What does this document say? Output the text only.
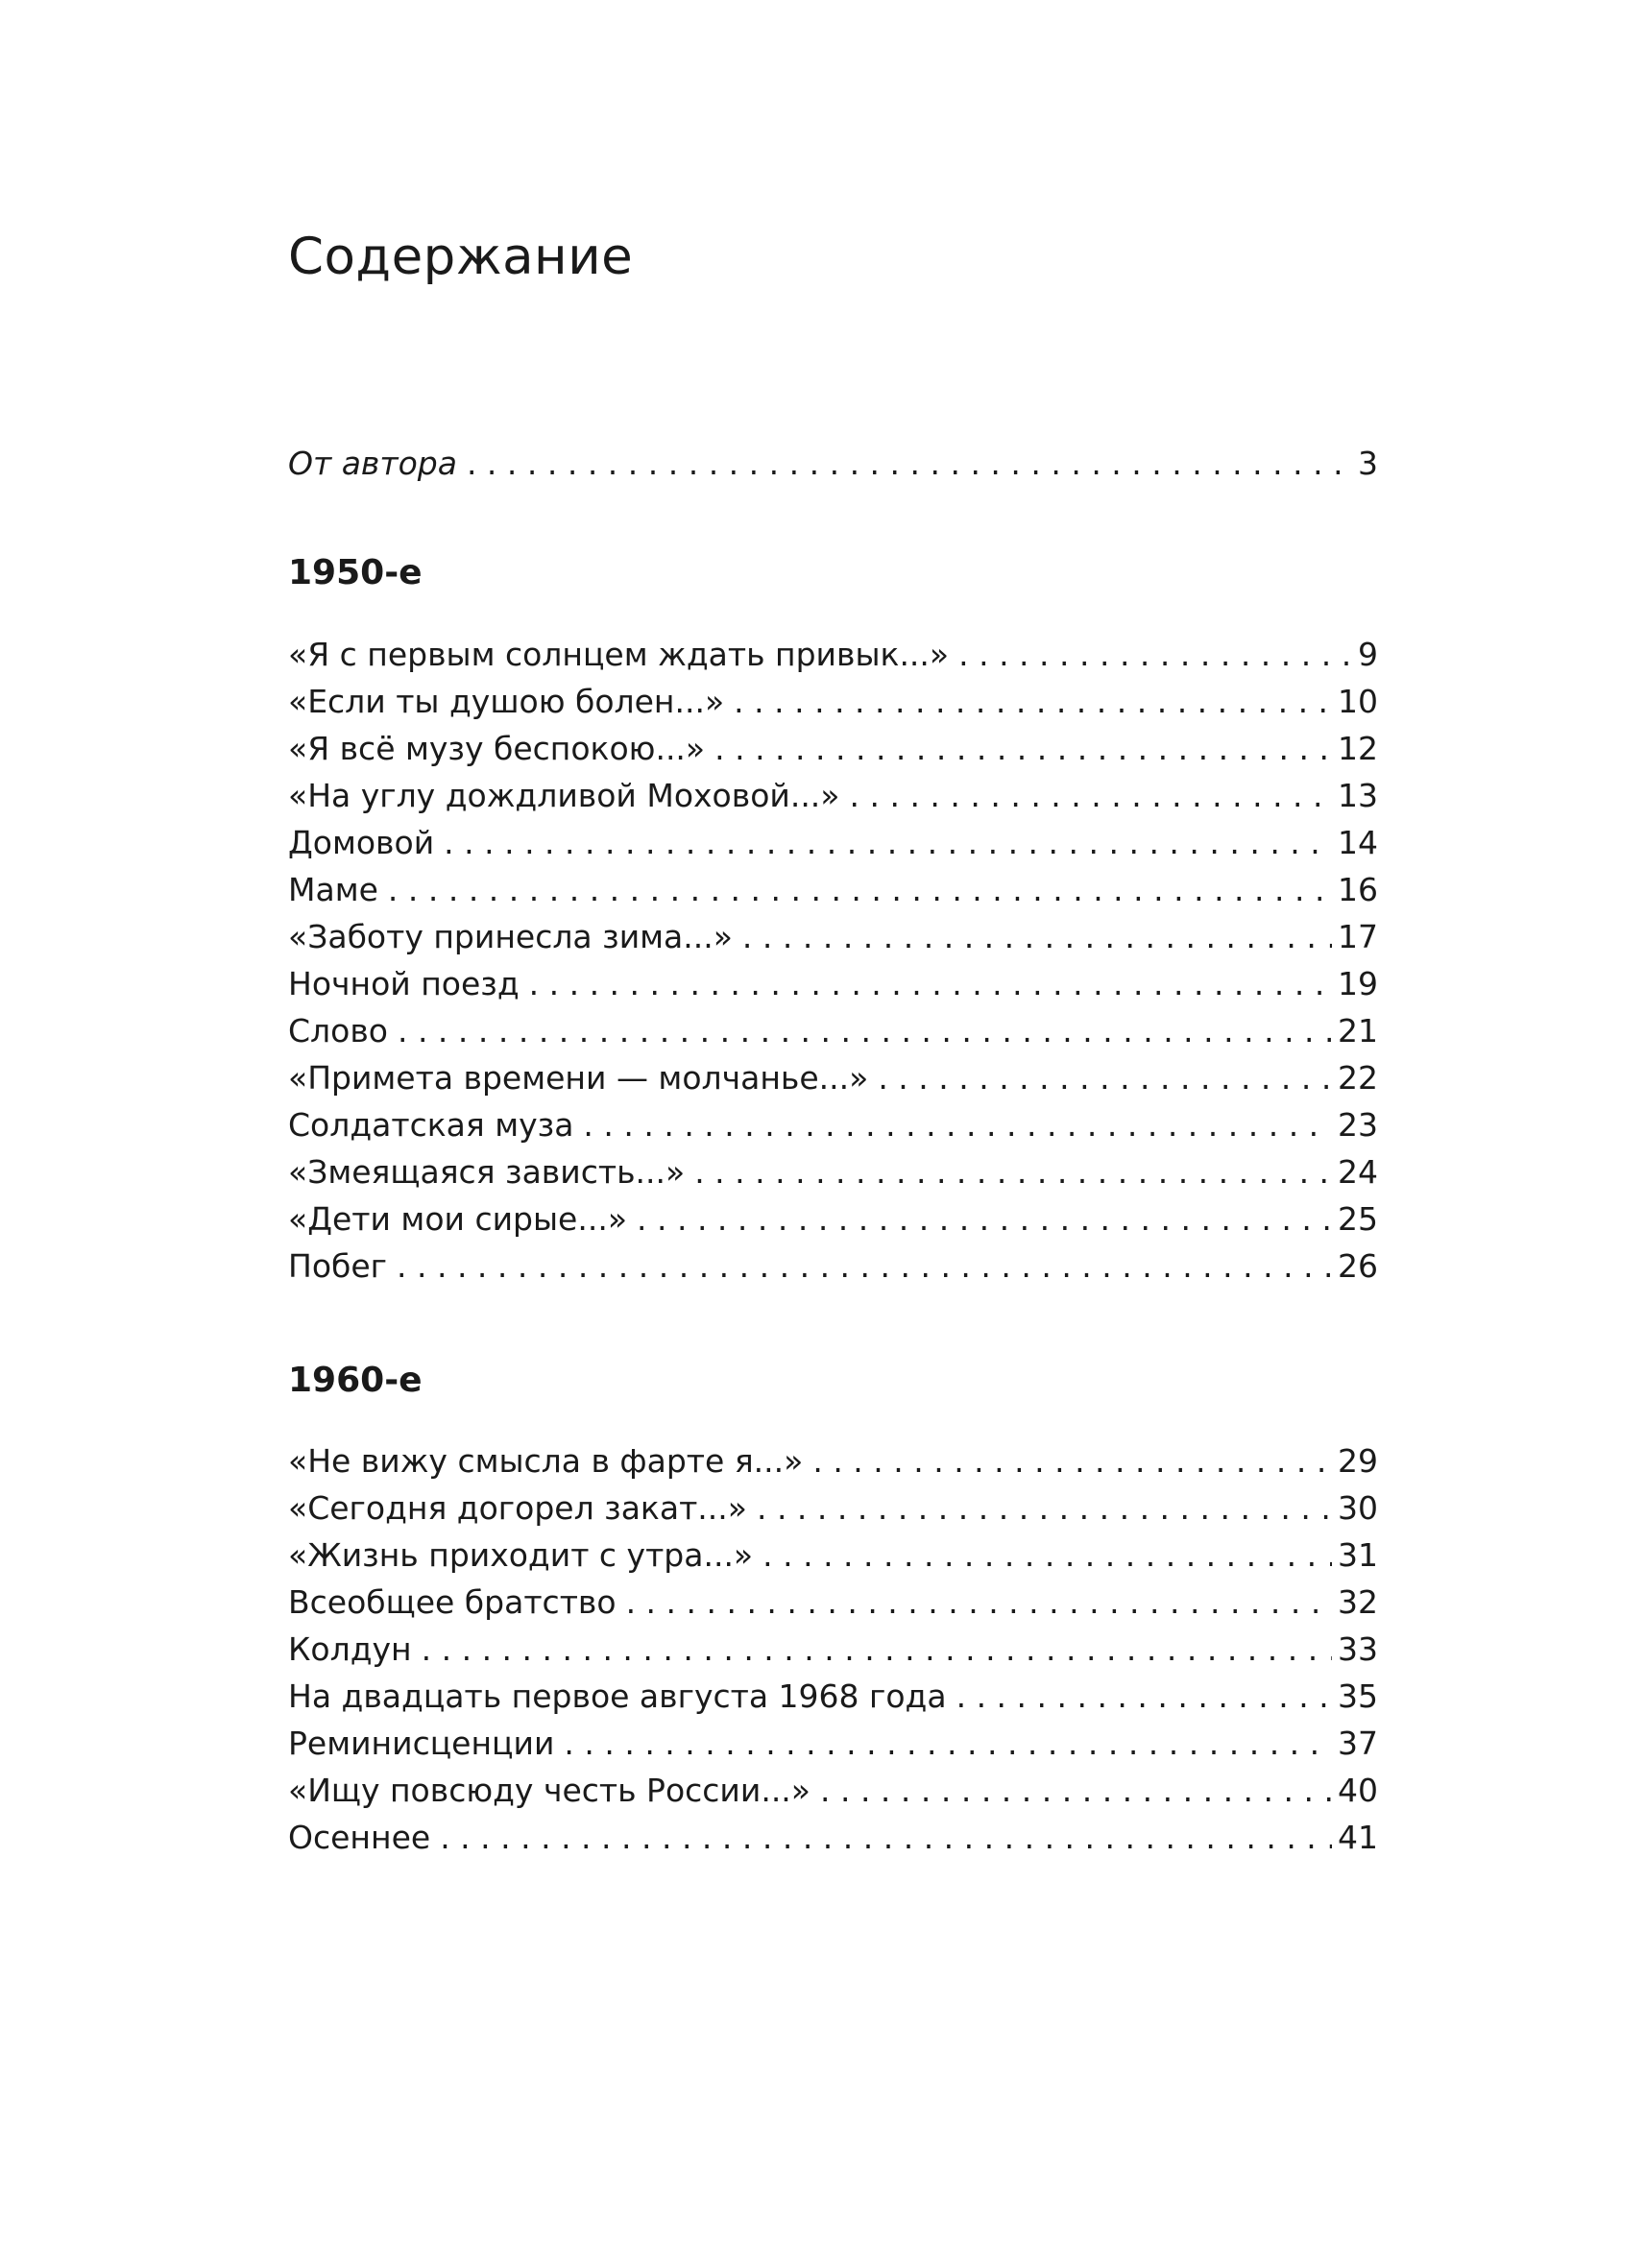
Содержание
От автора . . .	3
1950-е
«Я с первым солнцем ждать привык...» . . .	9
«Если ты душою болен...» . . .	10
«Я всё музу беспокою...» . . .	12
«На углу дождливой Моховой...» . . .	13
Домовой . . .	14
Маме . . .	16
«Заботу принесла зима...» . . .	17
Ночной поезд . . .	19
Слово . . .	21
«Примета времени — молчанье...» . . .	22
Солдатская муза . . .	23
«Змеящаяся зависть...» . . .	24
«Дети мои сирые...» . . .	25
Побег . . .	26
1960-е
«Не вижу смысла в фарте я...» . . .	29
«Сегодня догорел закат...» . . .	30
«Жизнь приходит с утра...» . . .	31
Всеобщее братство . . .	32
Колдун . . .	33
На двадцать первое августа 1968 года . . .	35
Реминисценции . . .	37
«Ищу повсюду честь России...» . . .	40
Осеннее . . .	41
